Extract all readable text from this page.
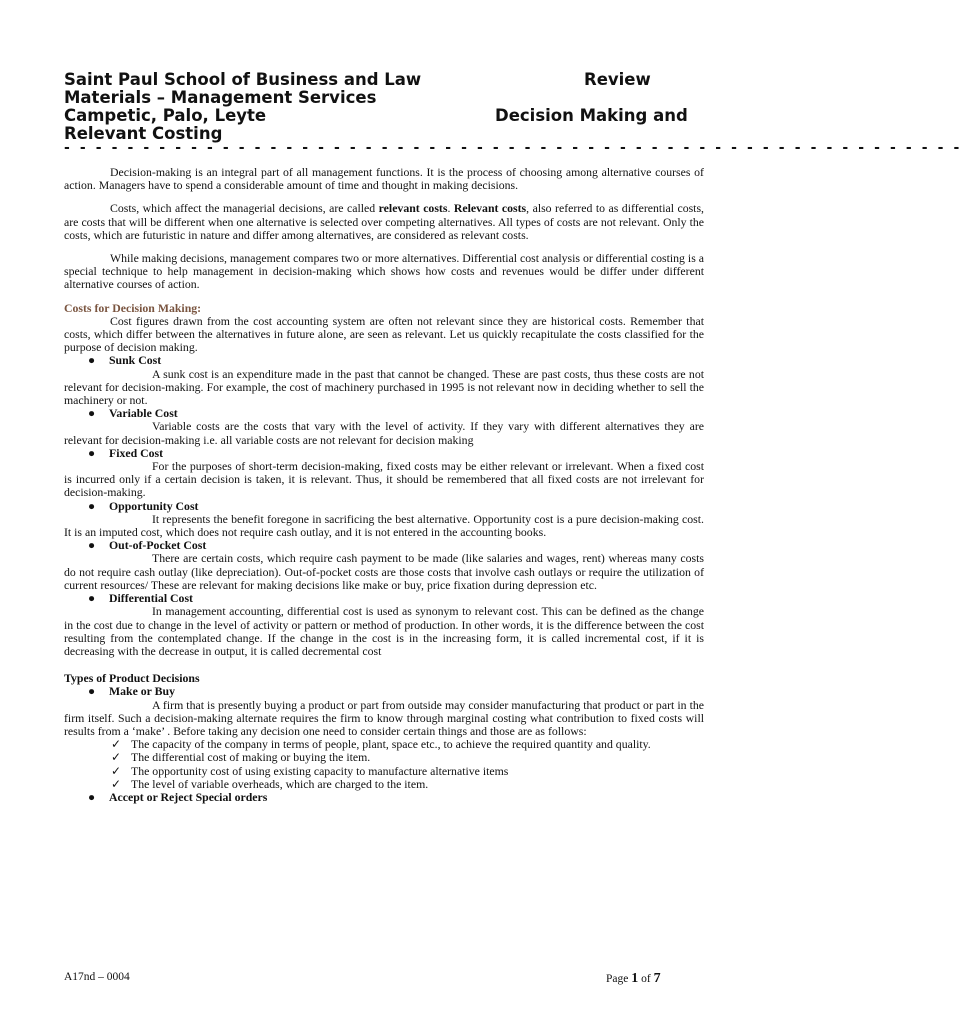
Saint Paul School of Business and Law	Review
Materials – Management Services
Campetic, Palo, Leyte	Decision Making and
Relevant Costing
- - - - - - - - - - - - - - - - - - - - - - - - - - - - - - - - - - - - - - - - - - - - - - - - - - - - - - - - -

Decision-making is an integral part of all management functions. It is the process of choosing among alternative courses of action. Managers have to spend a considerable amount of time and thought in making decisions.

Costs, which affect the managerial decisions, are called relevant costs. Relevant costs, also referred to as differential costs, are costs that will be different when one alternative is selected over competing alternatives. All types of costs are not relevant. Only the costs, which are futuristic in nature and differ among alternatives, are considered as relevant costs.

While making decisions, management compares two or more alternatives. Differential cost analysis or differential costing is a special technique to help management in decision-making which shows how costs and revenues would be differ under different alternative courses of action.

Costs for Decision Making:

Cost figures drawn from the cost accounting system are often not relevant since they are historical costs. Remember that costs, which differ between the alternatives in future alone, are seen as relevant. Let us quickly recapitulate the costs classified for the purpose of decision making.

● Sunk Cost
A sunk cost is an expenditure made in the past that cannot be changed. These are past costs, thus these costs are not relevant for decision-making. For example, the cost of machinery purchased in 1995 is not relevant now in deciding whether to sell the machinery or not.
● Variable Cost
Variable costs are the costs that vary with the level of activity. If they vary with different alternatives they are relevant for decision-making i.e. all variable costs are not relevant for decision making
● Fixed Cost
For the purposes of short-term decision-making, fixed costs may be either relevant or irrelevant. When a fixed cost is incurred only if a certain decision is taken, it is relevant. Thus, it should be remembered that all fixed costs are not irrelevant for decision-making.
● Opportunity Cost
It represents the benefit foregone in sacrificing the best alternative. Opportunity cost is a pure decision-making cost. It is an imputed cost, which does not require cash outlay, and it is not entered in the accounting books.
● Out-of-Pocket Cost
There are certain costs, which require cash payment to be made (like salaries and wages, rent) whereas many costs do not require cash outlay (like depreciation). Out-of-pocket costs are those costs that involve cash outlays or require the utilization of current resources/ These are relevant for making decisions like make or buy, price fixation during depression etc.
● Differential Cost
In management accounting, differential cost is used as synonym to relevant cost. This can be defined as the change in the cost due to change in the level of activity or pattern or method of production. In other words, it is the difference between the cost resulting from the contemplated change. If the change in the cost is in the increasing form, it is called incremental cost, if it is decreasing with the decrease in output, it is called decremental cost
Types of Product Decisions
● Make or Buy
A firm that is presently buying a product or part from outside may consider manufacturing that product or part in the firm itself. Such a decision-making alternate requires the firm to know through marginal costing what contribution to fixed costs will results from a ‘make’ . Before taking any decision one need to consider certain things and those are as follows:
✓ The capacity of the company in terms of people, plant, space etc., to achieve the required quantity and quality.
✓ The differential cost of making or buying the item.
✓ The opportunity cost of using existing capacity to manufacture alternative items
✓ The level of variable overheads, which are charged to the item.
● Accept or Reject Special orders
A17nd – 0004	Page 1 of 7
